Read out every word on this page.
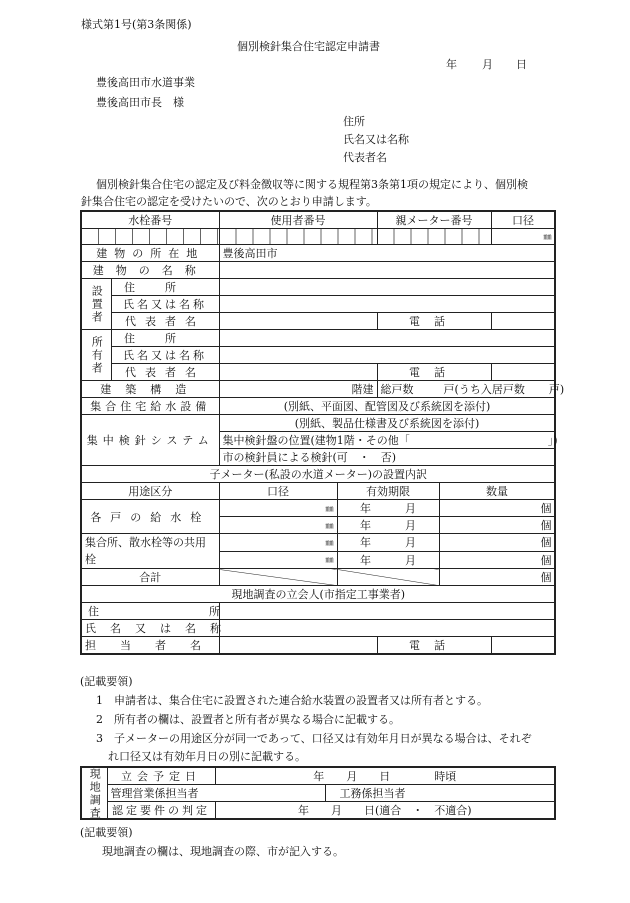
様式第1号(第3条関係)
個別検針集合住宅認定申請書
年 月 日
豊後高田市水道事業
豊後高田市長　様
住所
氏名又は名称
代表者名
個別検針集合住宅の認定及び料金徴収等に関する規程第3条第1項の規定により、個別検
針集合住宅の認定を受けたいので、次のとおり申請します。
水栓番号		使用者番号		親メーター番号		口径
						㎜
建物の所在地		豊後高田市				
建物の名称						
設置者	住所					
	氏名又は名称					
	代表者名			電話		
所有者	住所					
	氏名又は名称					
	代表者名			電話		
建築構造		階建		総戸数 戸(うち入居戸数 戸)		
集合住宅給水設備		(別紙、平面図、配管図及び系統図を添付)				
集中検針システム		(別紙、製品仕様書及び系統図を添付)				
		集中検針盤の位置(建物1階・その他「 」)				
		市の検針員による検針(可　・　否)				
子メーター(私設の水道メーター)の設置内訳						
用途区分		口径	有効期限		数量	
各戸の給水栓		㎜	年 月		個	
		㎜	年 月		個	
集合所、散水栓等の共用栓		㎜	年 月		個	
		㎜	年 月		個	
合計					個	
現地調査の立会人(市指定工事業者)						
住所						
氏名又は名称						
担当者名				電話		
(記載要領)
1　申請者は、集合住宅に設置された連合給水装置の設置者又は所有者とする。
2　所有者の欄は、設置者と所有者が異なる場合に記載する。
3　子メーターの用途区分が同一であって、口径又は有効年月日が異なる場合は、それぞ
れ口径又は有効年月日の別に記載する。
現地調査	立会予定日	年　　月　　日　　　　時頃	
	管理営業係担当者		工務係担当者
	認定要件の判定	年　　月　　日(適合　・　不適合)	
(記載要領)
現地調査の欄は、現地調査の際、市が記入する。
